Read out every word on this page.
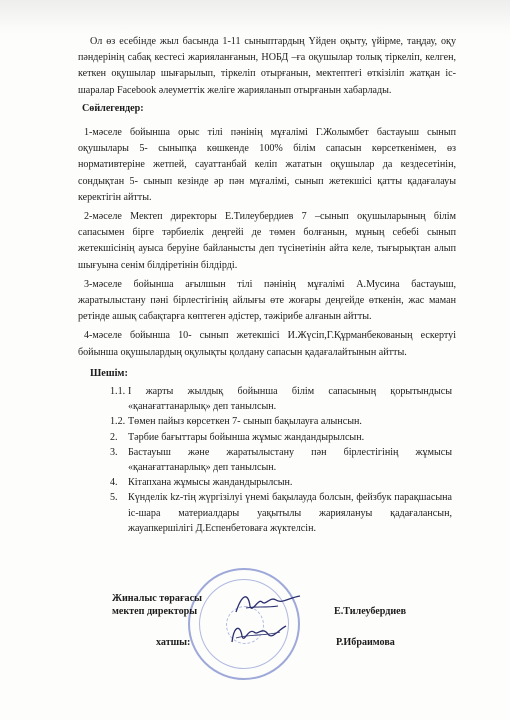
Ол өз есебінде жыл басында 1-11 сыныптардың Үйден оқыту, үйірме, таңдау, оқу пәндерінің сабақ кестесі жарияланғанын, НОБД –ға оқушылар толық тіркеліп, келген, кеткен оқушылар шығарылып, тіркеліп отырғанын, мектептегі өткізіліп жатқан іс-шаралар Facebook әлеуметтік желіге жарияланып отырғанын хабарлады.

Сөйлегендер:

1-мәселе бойынша орыс тілі пәнінің мұғалімі Г.Жолымбет бастауыш сынып оқушылары 5- сыныпқа көшкенде 100% білім сапасын көрсеткенімен, өз нормативтеріне жетпей, сауаттанбай келіп жататын оқушылар да кездесетінін, сондықтан 5- сынып кезінде әр пән мұғалімі, сынып жетекшісі қатты қадағалауы керектігін айтты.

2-мәселе Мектеп директоры Е.Тилеубердиев 7 –сынып оқушыларының білім сапасымен бірге тәрбиелік деңгейі де төмен болғанын, мұның себебі сынып жетекшісінің ауыса беруіне байланысты деп түсінетінін айта келе, тығырықтан алып шығуына сенім білдіретінін білдірді.

3-мәселе бойынша ағылшын тілі пәнінің мұғалімі А.Мусина бастауыш, жаратылыстану пәні бірлестігінің айлығы өте жоғары деңгейде өткенін, жас маман ретінде ашық сабақтарға көптеген әдістер, тәжірибе алғанын айтты.

4-мәселе бойынша 10- сынып жетекшісі И.Жүсіп,Г.Құрманбекованың ескертуі бойынша оқушылардың оқулықты қолдану сапасын қадағалайтынын айтты.

Шешім:
1.1. I жарты жылдық бойынша білім сапасының қорытындысы «қанағаттанарлық» деп танылсын.
1.2. Төмен пайыз көрсеткен 7- сынып бақылауға алынсын.
2.	Тәрбие бағыттары бойынша жұмыс жандандырылсын.
3.	Бастауыш және жаратылыстану пән бірлестігінің жұмысы «қанағаттанарлық» деп танылсын.
4.	Кітапхана жұмысы жандандырылсын.
5.	Күнделік kz-тің жүргізілуі үнемі бақылауда болсын, фейзбук парақшасына іс-шара материалдары уақытылы жариялануы қадағалансын, жауапкершілігі Д.Еспенбетоваға жүктелсін.
Жиналыс төрағасы
мектеп директоры	Е.Тилеубердиев
хатшы:	Р.Ибраимова
